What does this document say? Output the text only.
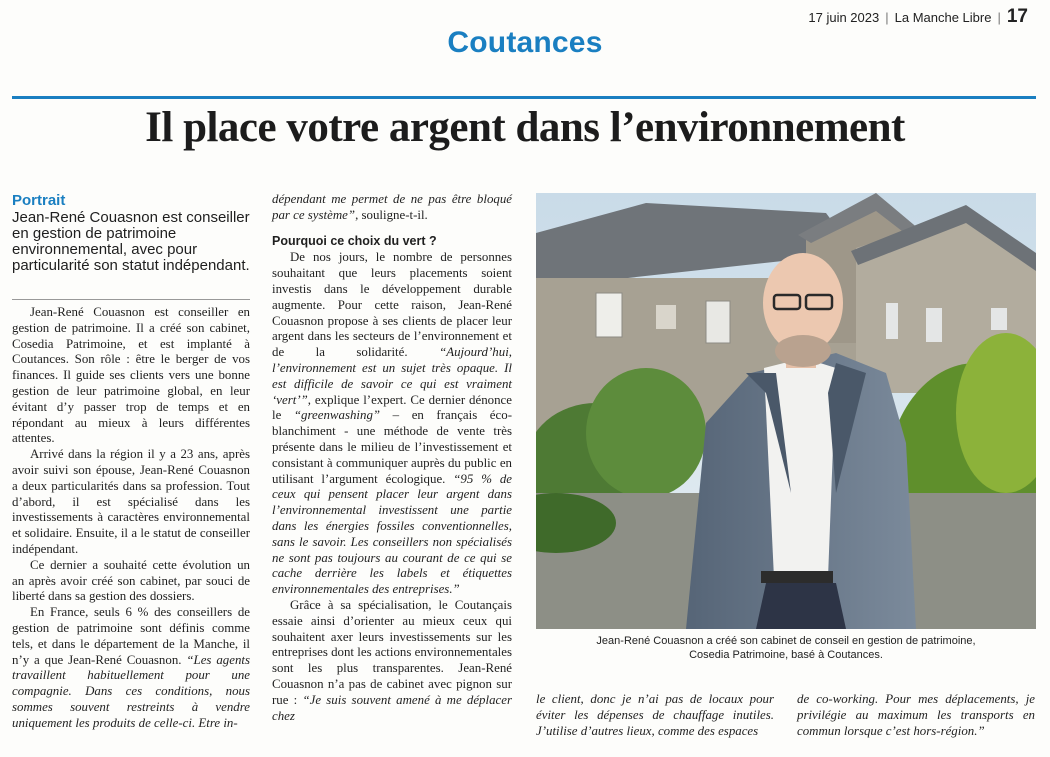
17 juin 2023 | La Manche Libre | 17
Coutances
Il place votre argent dans l’environnement
Portrait
Jean-René Couasnon est conseiller en gestion de patrimoine environnemental, avec pour particularité son statut indépendant.

Jean-René Couasnon est conseiller en gestion de patrimoine. Il a créé son cabinet, Cosedia Patrimoine, et est implanté à Coutances. Son rôle : être le berger de vos finances. Il guide ses clients vers une bonne gestion de leur patrimoine global, en leur évitant d’y passer trop de temps et en répondant au mieux à leurs différentes attentes.

Arrivé dans la région il y a 23 ans, après avoir suivi son épouse, Jean-René Couasnon a deux particularités dans sa profession. Tout d’abord, il est spécialisé dans les investissements à caractères environnemental et solidaire. Ensuite, il a le statut de conseiller indépendant.

Ce dernier a souhaité cette évolution un an après avoir créé son cabinet, par souci de liberté dans sa gestion des dossiers.

En France, seuls 6 % des conseillers de gestion de patrimoine sont définis comme tels, et dans le département de la Manche, il n’y a que Jean-René Couasnon. “Les agents travaillent habituellement pour une compagnie. Dans ces conditions, nous sommes souvent restreints à vendre uniquement les produits de celle-ci. Etre in-

dépendant me permet de ne pas être bloqué par ce système”, souligne-t-il.

Pourquoi ce choix du vert ?

De nos jours, le nombre de personnes souhaitant que leurs placements soient investis dans le développement durable augmente. Pour cette raison, Jean-René Couasnon propose à ses clients de placer leur argent dans les secteurs de l’environnement et de la solidarité. “Aujourd’hui, l’environnement est un sujet très opaque. Il est difficile de savoir ce qui est vraiment ‘vert’”, explique l’expert. Ce dernier dénonce le “greenwashing” – en français éco-blanchiment - une méthode de vente très présente dans le milieu de l’investissement et consistant à communiquer auprès du public en utilisant l’argument écologique. “95 % de ceux qui pensent placer leur argent dans l’environnemental investissent une partie dans les énergies fossiles conventionnelles, sans le savoir. Les conseillers non spécialisés ne sont pas toujours au courant de ce qui se cache derrière les labels et étiquettes environnementales des entreprises.”

Grâce à sa spécialisation, le Coutançais essaie ainsi d’orienter au mieux ceux qui souhaitent axer leurs investissements sur les entreprises dont les actions environnementales sont les plus transparentes. Jean-René Couasnon n’a pas de cabinet avec pignon sur rue : “Je suis souvent amené à me déplacer chez

Jean-René Couasnon a créé son cabinet de conseil en gestion de patrimoine,
Cosedia Patrimoine, basé à Coutances.

le client, donc je n’ai pas de locaux pour éviter les dépenses de chauffage inutiles. J’utilise d’autres lieux, comme des espaces

de co-working. Pour mes déplacements, je privilégie au maximum les transports en commun lorsque c’est hors-région.”
